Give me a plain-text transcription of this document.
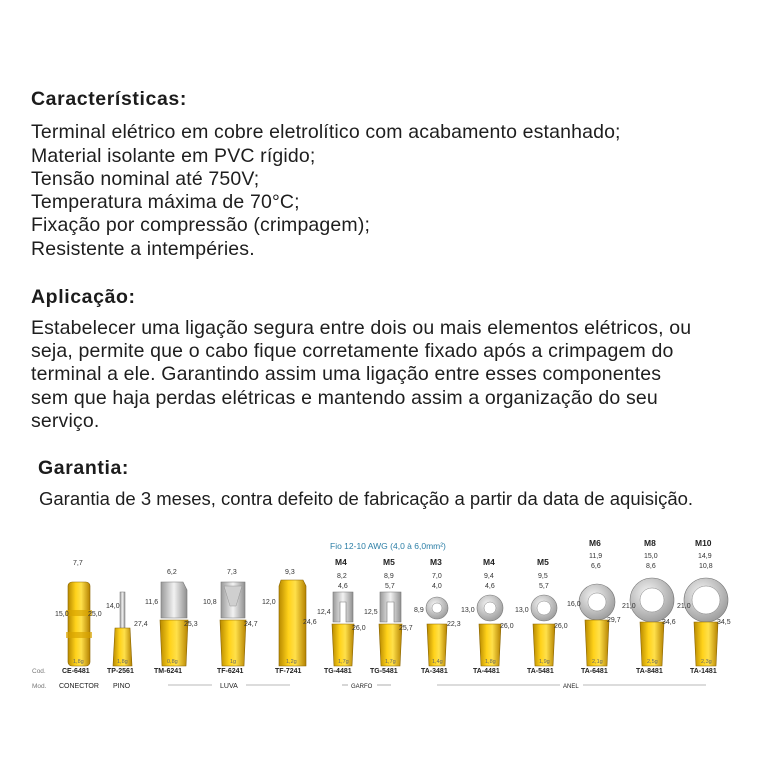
Características:
Terminal elétrico em cobre eletrolítico com acabamento estanhado;
Material isolante em PVC rígido;
Tensão nominal até 750V;
Temperatura máxima de 70°C;
Fixação por compressão (crimpagem);
Resistente a intempéries.
Aplicação:
Estabelecer uma ligação segura entre dois ou mais elementos elétricos, ou
seja, permite que o cabo fique corretamente fixado após a crimpagem do
terminal a ele. Garantindo assim uma ligação entre esses componentes
sem que haja perdas elétricas e mantendo assim a organização do seu
serviço.
Garantia:
Garantia de 3 meses, contra defeito de fabricação a partir da data de aquisição.
Fio 12-10 AWG (4,0 à 6,0mm²)
7,7
15,0	25,0
14,0
27,4
6,2
11,6
25,3
7,3
10,8
24,7
9,3
12,0
24,6
M4
8,2
4,6
12,4
26,0
M5
8,9
5,7
12,5
25,7
M3
7,0
4,0
8,9
22,3
M4
9,4
4,6
13,0
26,0
M5
9,5
5,7
13,0
26,0
M6
11,9
6,6
16,0
29,7
M8
15,0
8,6
21,0
34,6
M10
14,9
10,8
21,0
34,5
1,8g	1,8g	0,8g	1g	1,2g	1,7g	1,7g	1,4g	1,8g	1,9g	2,1g	2,5g	2,3g
Cod. CE-6481 TP-2561	TM-6241	TF-6241	TF-7241	TG-4481	TG-5481	TA-3481	TA-4481	TA-5481	TA-6481	TA-8481	TA-1481
Mod. CONECTOR PINO	LUVA	GARFO	ANEL
